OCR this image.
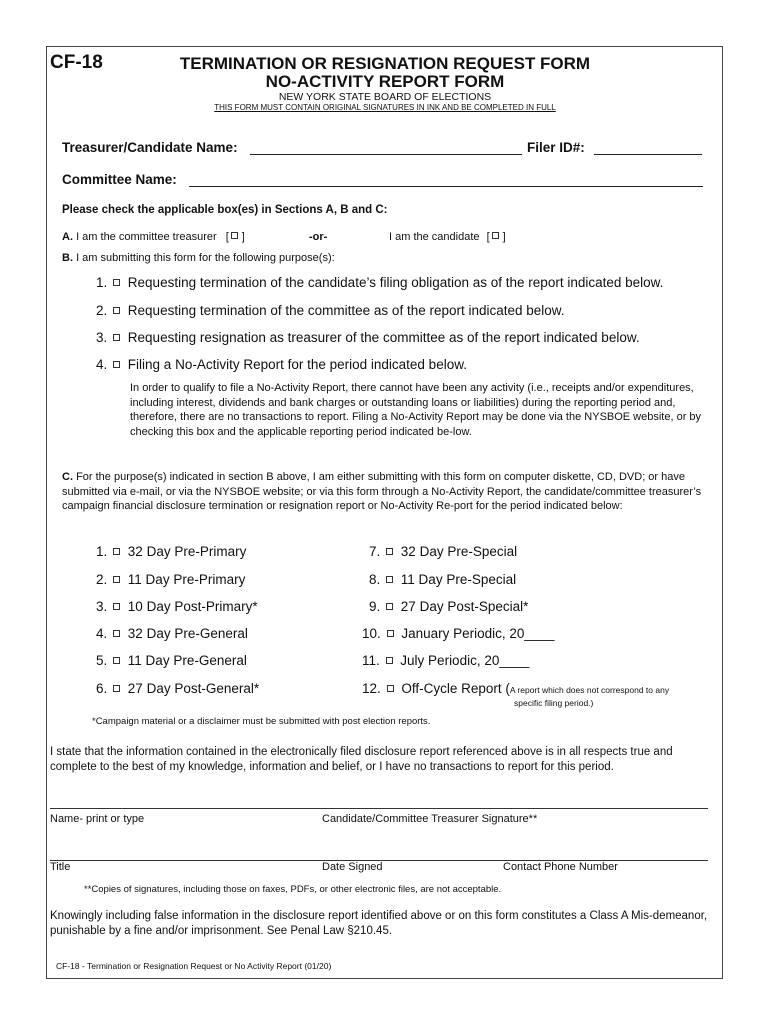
CF-18	TERMINATION OR RESIGNATION REQUEST FORM
NO-ACTIVITY REPORT FORM
NEW YORK STATE BOARD OF ELECTIONS
THIS FORM MUST CONTAIN ORIGINAL SIGNATURES IN INK AND BE COMPLETED IN FULL
Treasurer/Candidate Name:	Filer ID#:
Committee Name:
Please check the applicable box(es) in Sections A, B and C:
A. I am the committee treasurer [ ]	-or-	I am the candidate [ ]
B. I am submitting this form for the following purpose(s):
1. Requesting termination of the candidate’s filing obligation as of the report indicated below.
2. Requesting termination of the committee as of the report indicated below.
3. Requesting resignation as treasurer of the committee as of the report indicated below.
4. Filing a No-Activity Report for the period indicated below.
In order to qualify to file a No-Activity Report, there cannot have been any activity (i.e., receipts and/or expenditures, including interest, dividends and bank charges or outstanding loans or liabilities) during the reporting period and, therefore, there are no transactions to report. Filing a No-Activity Report may be done via the NYSBOE website, or by checking this box and the applicable reporting period indicated be-low.
C. For the purpose(s) indicated in section B above, I am either submitting with this form on computer diskette, CD, DVD; or have submitted via e-mail, or via the NYSBOE website; or via this form through a No-Activity Report, the candidate/committee treasurer’s campaign financial disclosure termination or resignation report or No-Activity Re-port for the period indicated below:
1. 32 Day Pre-Primary
2. 11 Day Pre-Primary
3. 10 Day Post-Primary*
4. 32 Day Pre-General
5. 11 Day Pre-General
6. 27 Day Post-General*
7. 32 Day Pre-Special
8. 11 Day Pre-Special
9. 27 Day Post-Special*
10. January Periodic, 20____
11. July Periodic, 20____
12. Off-Cycle Report (A report which does not correspond to any
specific filing period.)
*Campaign material or a disclaimer must be submitted with post election reports.
I state that the information contained in the electronically filed disclosure report referenced above is in all respects true and complete to the best of my knowledge, information and belief, or I have no transactions to report for this period.
Name- print or type	Candidate/Committee Treasurer Signature**
Title	Date Signed	Contact Phone Number
**Copies of signatures, including those on faxes, PDFs, or other electronic files, are not acceptable.
Knowingly including false information in the disclosure report identified above or on this form constitutes a Class A Mis-demeanor, punishable by a fine and/or imprisonment. See Penal Law §210.45.
CF-18 - Termination or Resignation Request or No Activity Report (01/20)
